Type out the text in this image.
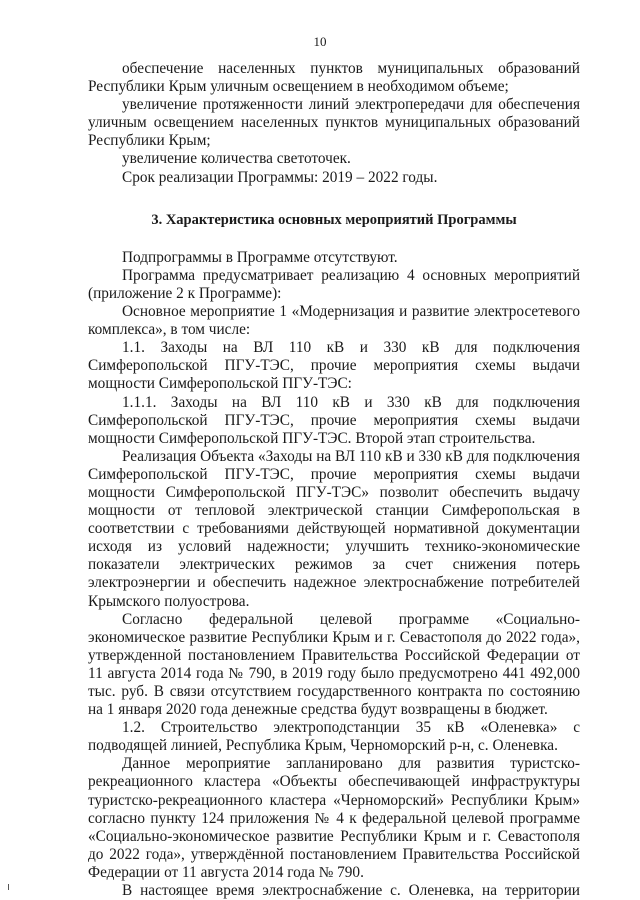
10

обеспечение населенных пунктов муниципальных образований Республики Крым уличным освещением в необходимом объеме;

увеличение протяженности линий электропередачи для обеспечения уличным освещением населенных пунктов муниципальных образований Республики Крым;

увеличение количества светоточек.

Срок реализации Программы: 2019 – 2022 годы.

3. Характеристика основных мероприятий Программы

Подпрограммы в Программе отсутствуют.

Программа предусматривает реализацию 4 основных мероприятий (приложение 2 к Программе):

Основное мероприятие 1 «Модернизация и развитие электросетевого комплекса», в том числе:

1.1. Заходы на ВЛ 110 кВ и 330 кВ для подключения Симферопольской ПГУ-ТЭС, прочие мероприятия схемы выдачи мощности Симферопольской ПГУ-ТЭС:

1.1.1. Заходы на ВЛ 110 кВ и 330 кВ для подключения Симферопольской ПГУ-ТЭС, прочие мероприятия схемы выдачи мощности Симферопольской ПГУ-ТЭС. Второй этап строительства.

Реализация Объекта «Заходы на ВЛ 110 кВ и 330 кВ для подключения Симферопольской ПГУ-ТЭС, прочие мероприятия схемы выдачи мощности Симферопольской ПГУ-ТЭС» позволит обеспечить выдачу мощности от тепловой электрической станции Симферопольская в соответствии с требованиями действующей нормативной документации исходя из условий надежности; улучшить технико-экономические показатели электрических режимов за счет снижения потерь электроэнергии и обеспечить надежное электроснабжение потребителей Крымского полуострова.

Согласно федеральной целевой программе «Социально-экономическое развитие Республики Крым и г. Севастополя до 2022 года», утвержденной постановлением Правительства Российской Федерации от 11 августа 2014 года № 790, в 2019 году было предусмотрено 441 492,000 тыс. руб. В связи отсутствием государственного контракта по состоянию на 1 января 2020 года денежные средства будут возвращены в бюджет.

1.2. Строительство электроподстанции 35 кВ «Оленевка» с подводящей линией, Республика Крым, Черноморский р-н, с. Оленевка.

Данное мероприятие запланировано для развития туристско-рекреационного кластера «Объекты обеспечивающей инфраструктуры туристско-рекреационного кластера «Черноморский» Республики Крым» согласно пункту 124 приложения № 4 к федеральной целевой программе «Социально-экономическое развитие Республики Крым и г. Севастополя до 2022 года», утверждённой постановлением Правительства Российской Федерации от 11 августа 2014 года № 790.

В настоящее время электроснабжение с. Оленевка, на территории
